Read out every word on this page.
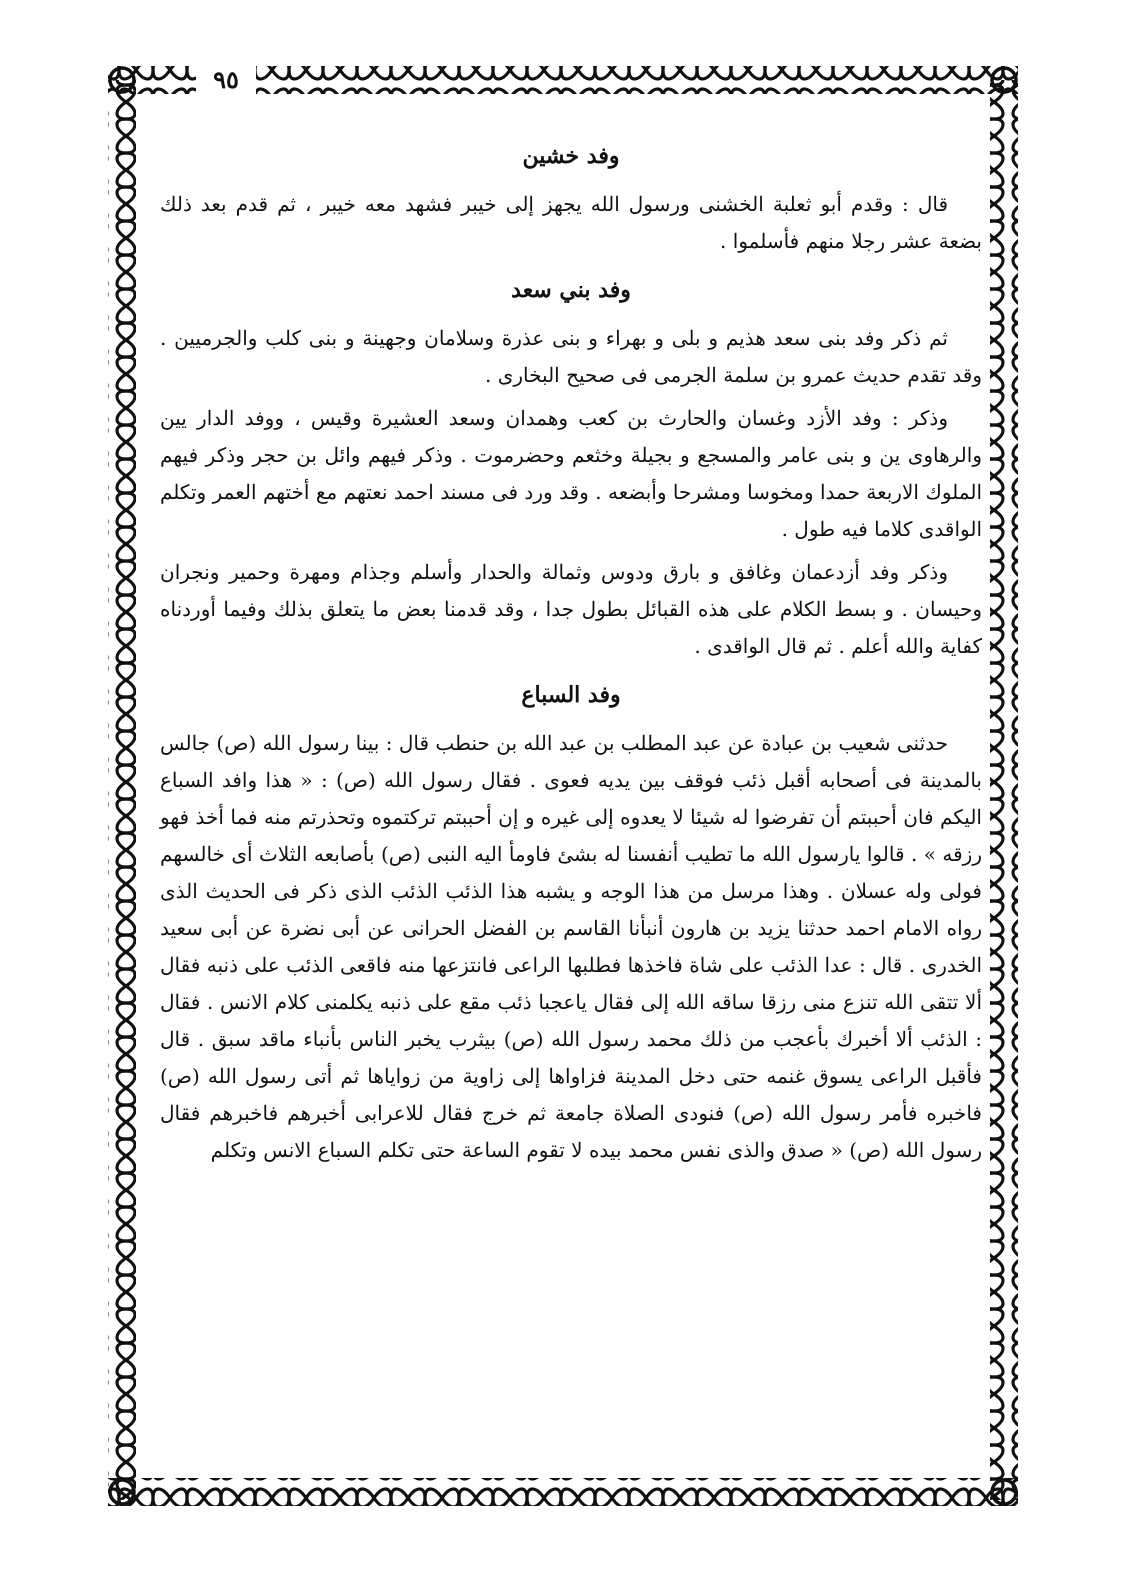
٩٥
وفد خشين

قال : وقدم أبو ثعلبة الخشنى ورسول الله يجهز إلى خيبر فشهد معه خيبر ، ثم قدم بعد ذلك بضعة عشر رجلا منهم فأسلموا .

وفد بني سعد

ثم ذكر وفد بنى سعد هذيم و بلى و بهراء و بنى عذرة وسلامان وجهينة و بنى كلب والجرميين . وقد تقدم حديث عمرو بن سلمة الجرمى فى صحيح البخارى .

وذكر : وفد الأزد وغسان والحارث بن كعب وهمدان وسعد العشيرة وقيس ، ووفد الدار يين والرهاوى ين و بنى عامر والمسجع و بجيلة وخثعم وحضرموت . وذكر فيهم وائل بن حجر وذكر فيهم الملوك الاربعة حمدا ومخوسا ومشرحا وأبضعه . وقد ورد فى مسند احمد نعتهم مع أختهم العمر وتكلم الواقدى كلاما فيه طول .

وذكر وفد أزدعمان وغافق و بارق ودوس وثمالة والحدار وأسلم وجذام ومهرة وحمير ونجران وحيسان . و بسط الكلام على هذه القبائل بطول جدا ، وقد قدمنا بعض ما يتعلق بذلك وفيما أوردناه كفاية والله أعلم . ثم قال الواقدى .

وفد السباع

حدثنى شعيب بن عبادة عن عبد المطلب بن عبد الله بن حنطب قال : بينا رسول الله (ص) جالس بالمدينة فى أصحابه أقبل ذئب فوقف بين يديه فعوى . فقال رسول الله (ص) : « هذا وافد السباع اليكم فان أحببتم أن تفرضوا له شيئا لا يعدوه إلى غيره و إن أحببتم تركتموه وتحذرتم منه فما أخذ فهو رزقه » . قالوا يارسول الله ما تطيب أنفسنا له بشئ فاومأ اليه النبى (ص) بأصابعه الثلاث أى خالسهم فولى وله عسلان . وهذا مرسل من هذا الوجه و يشبه هذا الذئب الذئب الذى ذكر فى الحديث الذى رواه الامام احمد حدثنا يزيد بن هارون أنبأنا القاسم بن الفضل الحرانى عن أبى نضرة عن أبى سعيد الخدرى . قال : عدا الذئب على شاة فاخذها فطلبها الراعى فانتزعها منه فاقعى الذئب على ذنبه فقال ألا تتقى الله تنزع منى رزقا ساقه الله إلى فقال ياعجبا ذئب مقع على ذنبه يكلمنى كلام الانس . فقال : الذئب ألا أخبرك بأعجب من ذلك محمد رسول الله (ص) بيثرب يخبر الناس بأنباء ماقد سبق . قال فأقبل الراعى يسوق غنمه حتى دخل المدينة فزاواها إلى زاوية من زواياها ثم أتى رسول الله (ص) فاخبره فأمر رسول الله (ص) فنودى الصلاة جامعة ثم خرج فقال للاعرابى أخبرهم فاخبرهم فقال رسول الله (ص) « صدق والذى نفس محمد بيده لا تقوم الساعة حتى تكلم السباع الانس وتكلم
